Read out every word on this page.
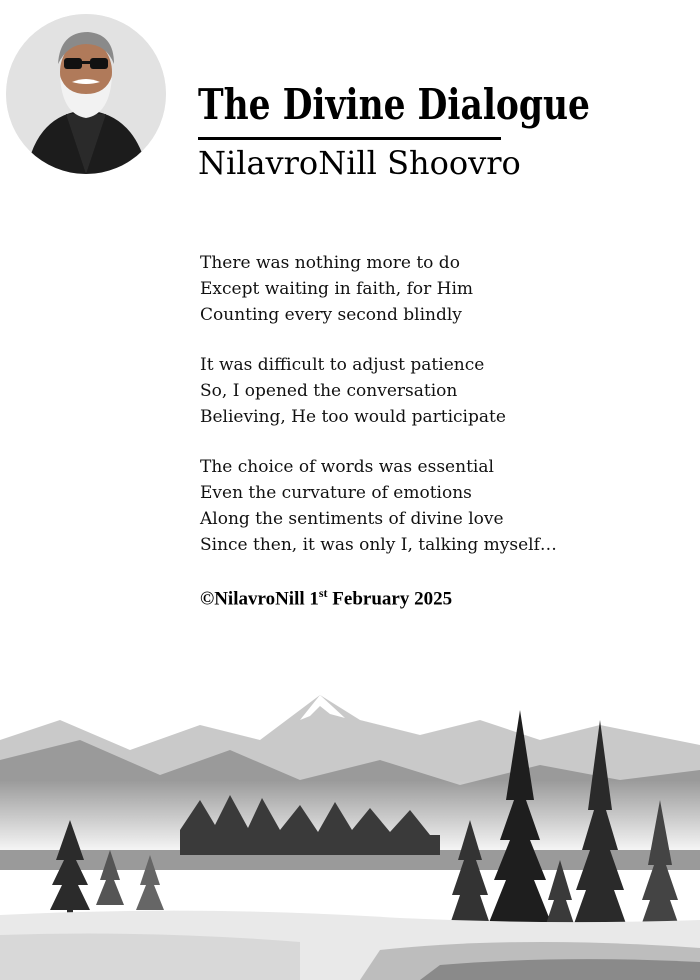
The Divine Dialogue
NilavroNill Shoovro
There was nothing more to do
Except waiting in faith, for Him
Counting every second blindly
It was difficult to adjust patience
So, I opened the conversation
Believing, He too would participate
The choice of words was essential
Even the curvature of emotions
Along the sentiments of divine love
Since then, it was only I, talking myself…
©NilavroNill 1st February 2025
